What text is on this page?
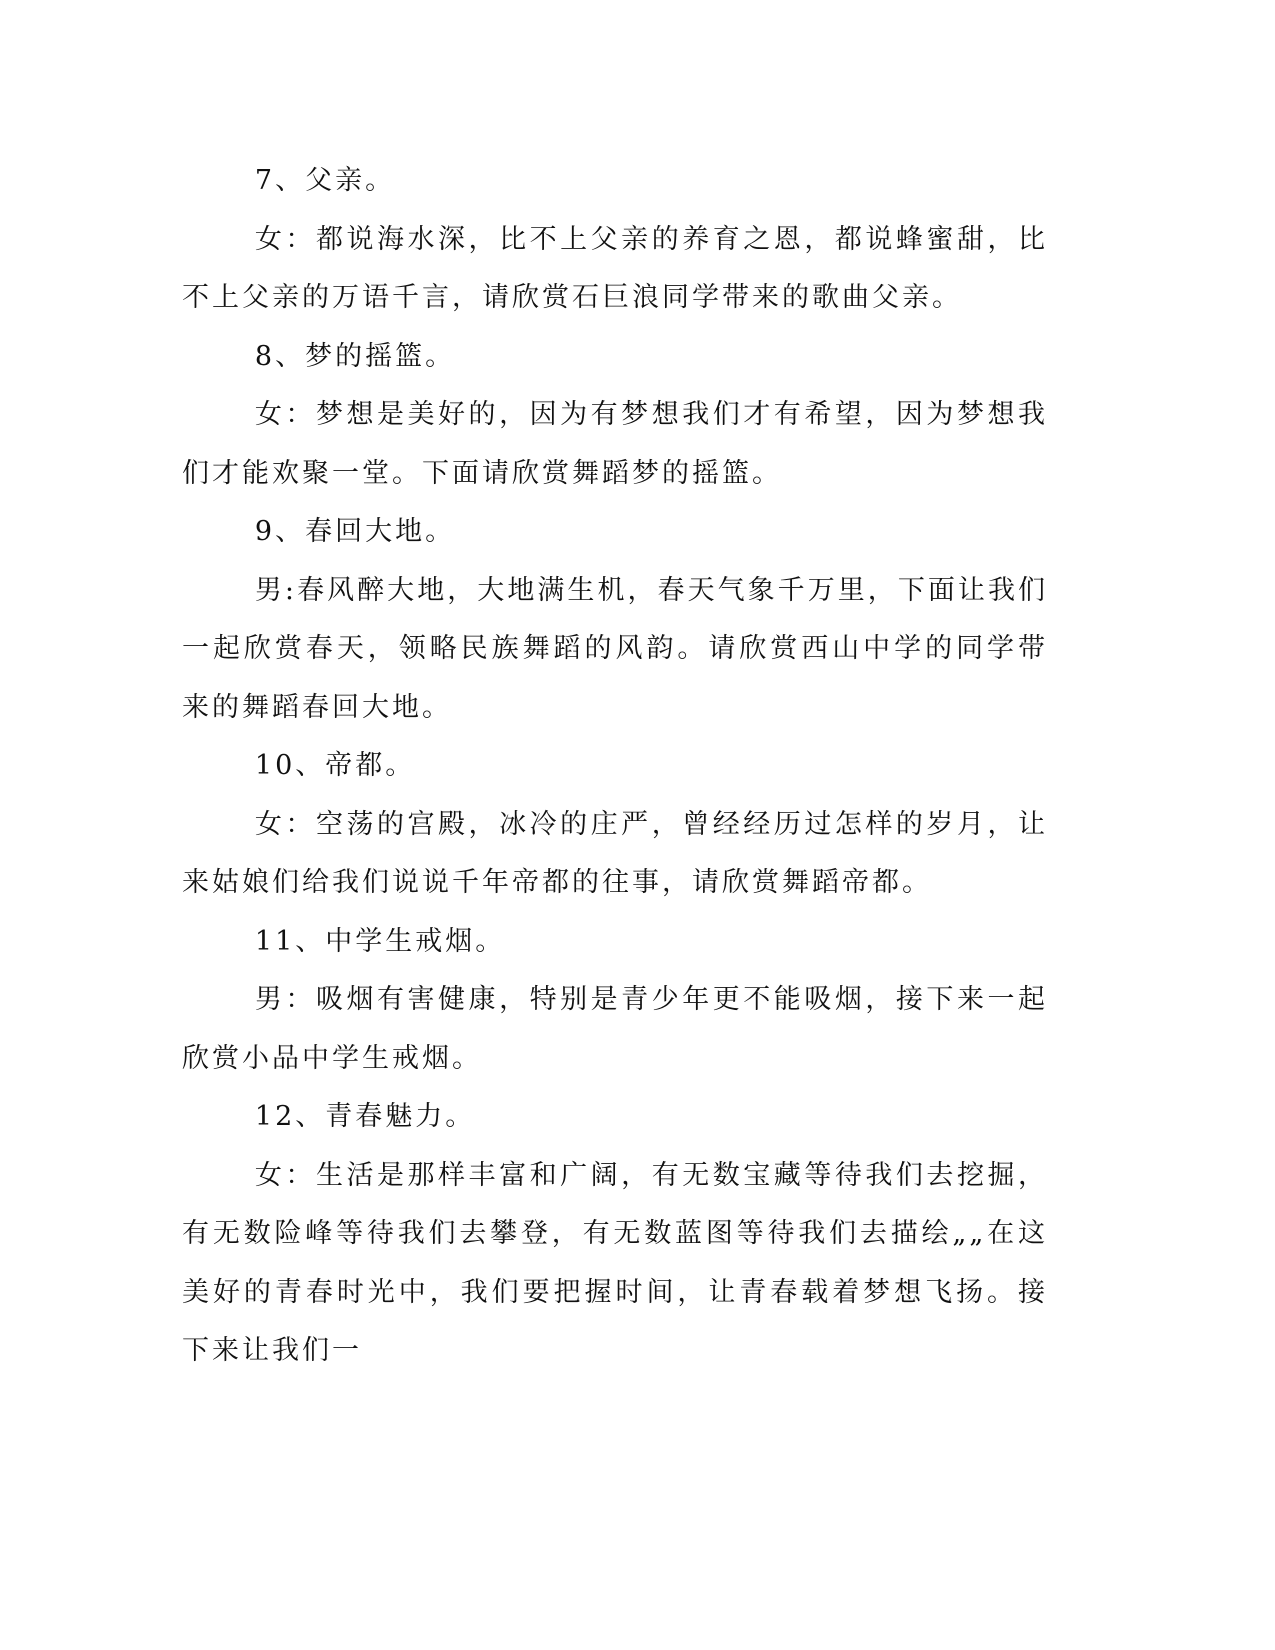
7、父亲。

女：都说海水深，比不上父亲的养育之恩，都说蜂蜜甜，比不上父亲的万语千言，请欣赏石巨浪同学带来的歌曲父亲。

8、梦的摇篮。

女：梦想是美好的，因为有梦想我们才有希望，因为梦想我们才能欢聚一堂。下面请欣赏舞蹈梦的摇篮。

9、春回大地。

男:春风醉大地，大地满生机，春天气象千万里，下面让我们一起欣赏春天，领略民族舞蹈的风韵。请欣赏西山中学的同学带来的舞蹈春回大地。

10、帝都。

女：空荡的宫殿，冰冷的庄严，曾经经历过怎样的岁月，让来姑娘们给我们说说千年帝都的往事，请欣赏舞蹈帝都。

11、中学生戒烟。

男：吸烟有害健康，特别是青少年更不能吸烟，接下来一起欣赏小品中学生戒烟。

12、青春魅力。

女：生活是那样丰富和广阔，有无数宝藏等待我们去挖掘，有无数险峰等待我们去攀登，有无数蓝图等待我们去描绘„„在这美好的青春时光中，我们要把握时间，让青春载着梦想飞扬。接下来让我们一
